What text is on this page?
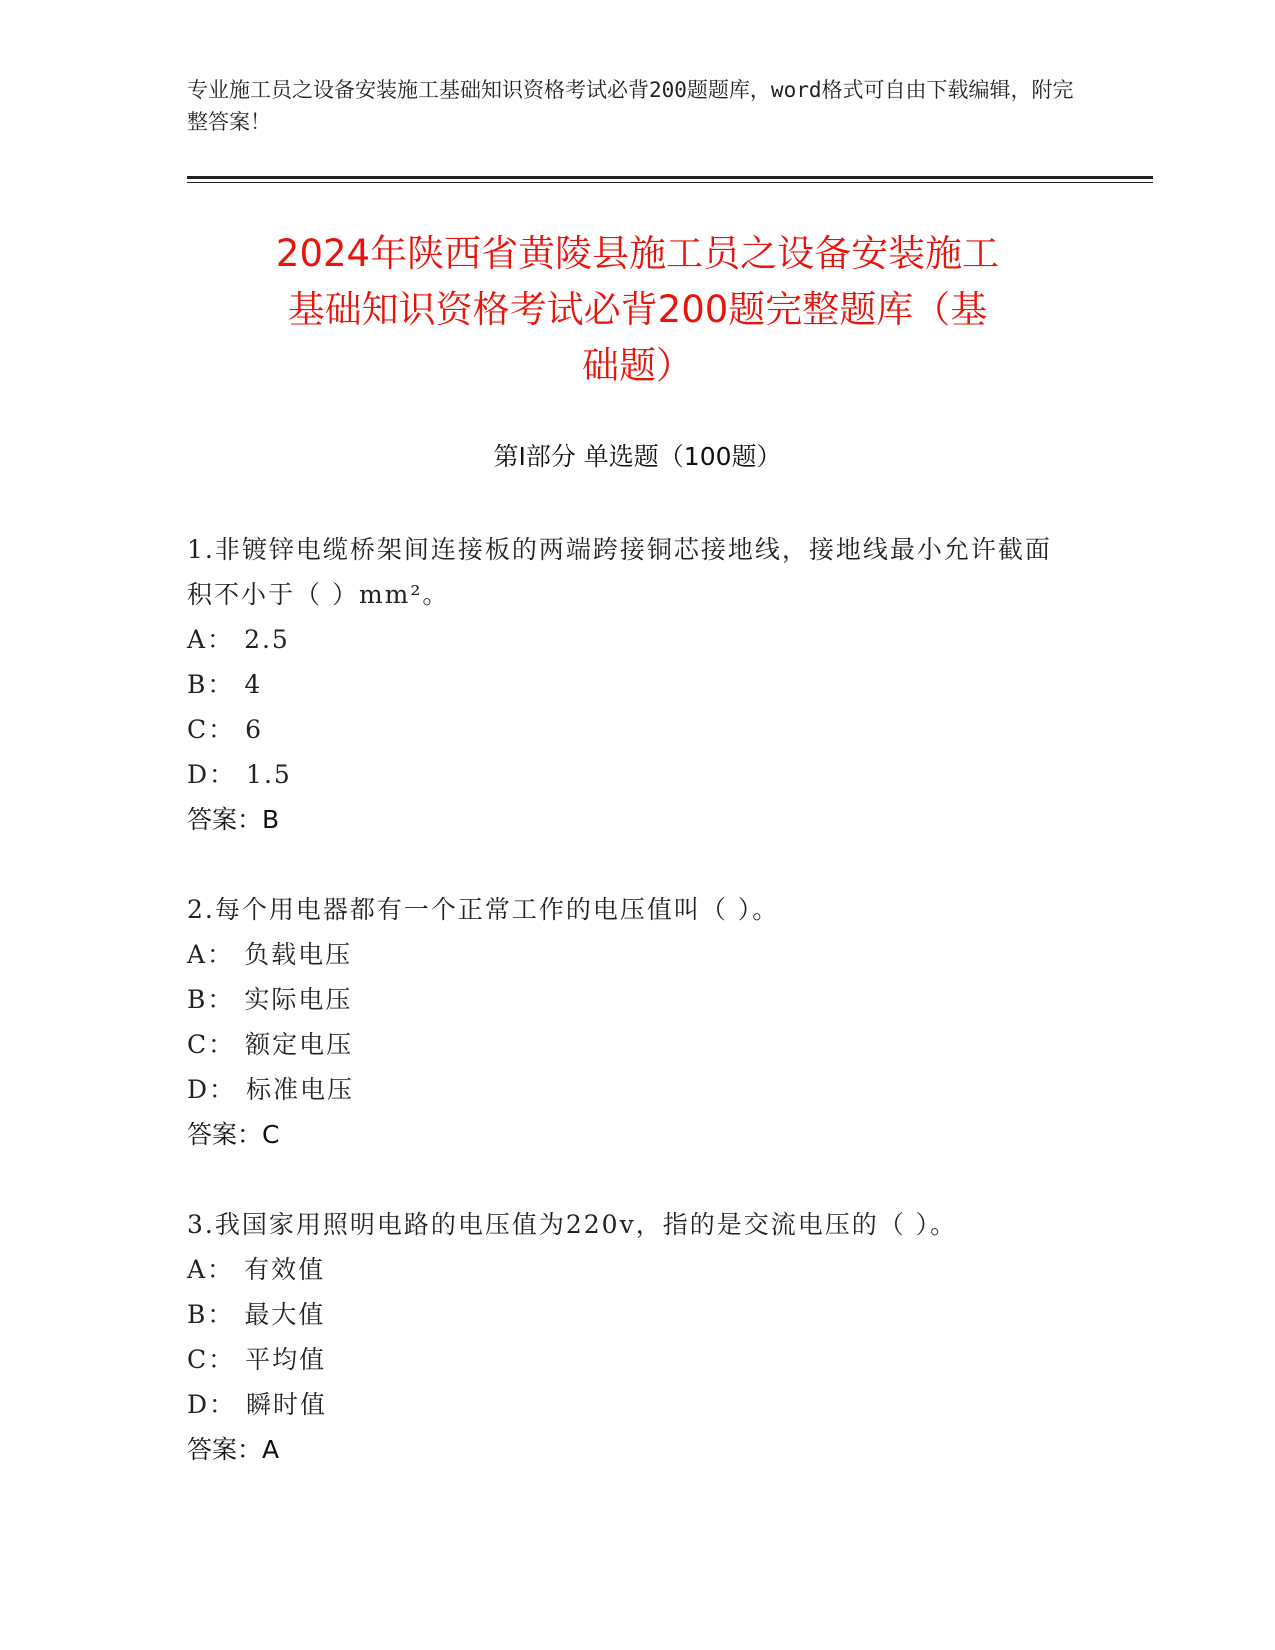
专业施工员之设备安装施工基础知识资格考试必背200题题库，word格式可自由下载编辑，附完整答案！
2024年陕西省黄陵县施工员之设备安装施工
基础知识资格考试必背200题完整题库（基
础题）
第I部分 单选题（100题）
1.非镀锌电缆桥架间连接板的两端跨接铜芯接地线，接地线最小允许截面积不小于（ ）mm²。
A： 2.5
B： 4
C： 6
D： 1.5
答案：B
2.每个用电器都有一个正常工作的电压值叫（ ）。
A： 负载电压
B： 实际电压
C： 额定电压
D： 标准电压
答案：C
3.我国家用照明电路的电压值为220v，指的是交流电压的（ ）。
A： 有效值
B： 最大值
C： 平均值
D： 瞬时值
答案：A
